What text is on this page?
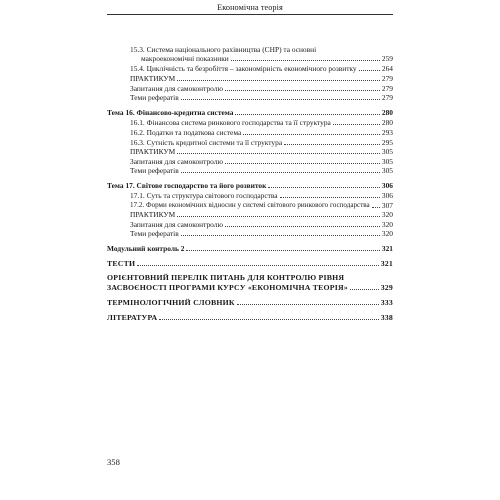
Економічна теорія
15.3. Система національного рахівництва (СНР) та основні
макроекономічні показники	259
15.4. Циклічність та безробіття – закономірність економічного розвитку	264
ПРАКТИКУМ	279
Запитання для самоконтролю	279
Теми рефератів	279
Тема 16. Фінансово-кредитна система	280
16.1. Фінансова система ринкового господарства та її структура	280
16.2. Податки та податкова система	293
16.3. Сутність кредитної системи та її структура	295
ПРАКТИКУМ	305
Запитання для самоконтролю	305
Теми рефератів	305
Тема 17. Світове господарство та його розвиток	306
17.1. Суть та структура світового господарства	306
17.2. Форми економічних відносин у системі світового ринкового господарства 307
ПРАКТИКУМ	320
Запитання для самоконтролю	320
Теми рефератів	320
Модульний контроль 2	321
ТЕСТИ	321
ОРІЄНТОВНИЙ ПЕРЕЛІК ПИТАНЬ ДЛЯ КОНТРОЛЮ РІВНЯ
ЗАСВОЄНОСТІ ПРОГРАМИ КУРСУ «ЕКОНОМІЧНА ТЕОРІЯ»	329
ТЕРМІНОЛОГІЧНИЙ СЛОВНИК	333
ЛІТЕРАТУРА	338
358
